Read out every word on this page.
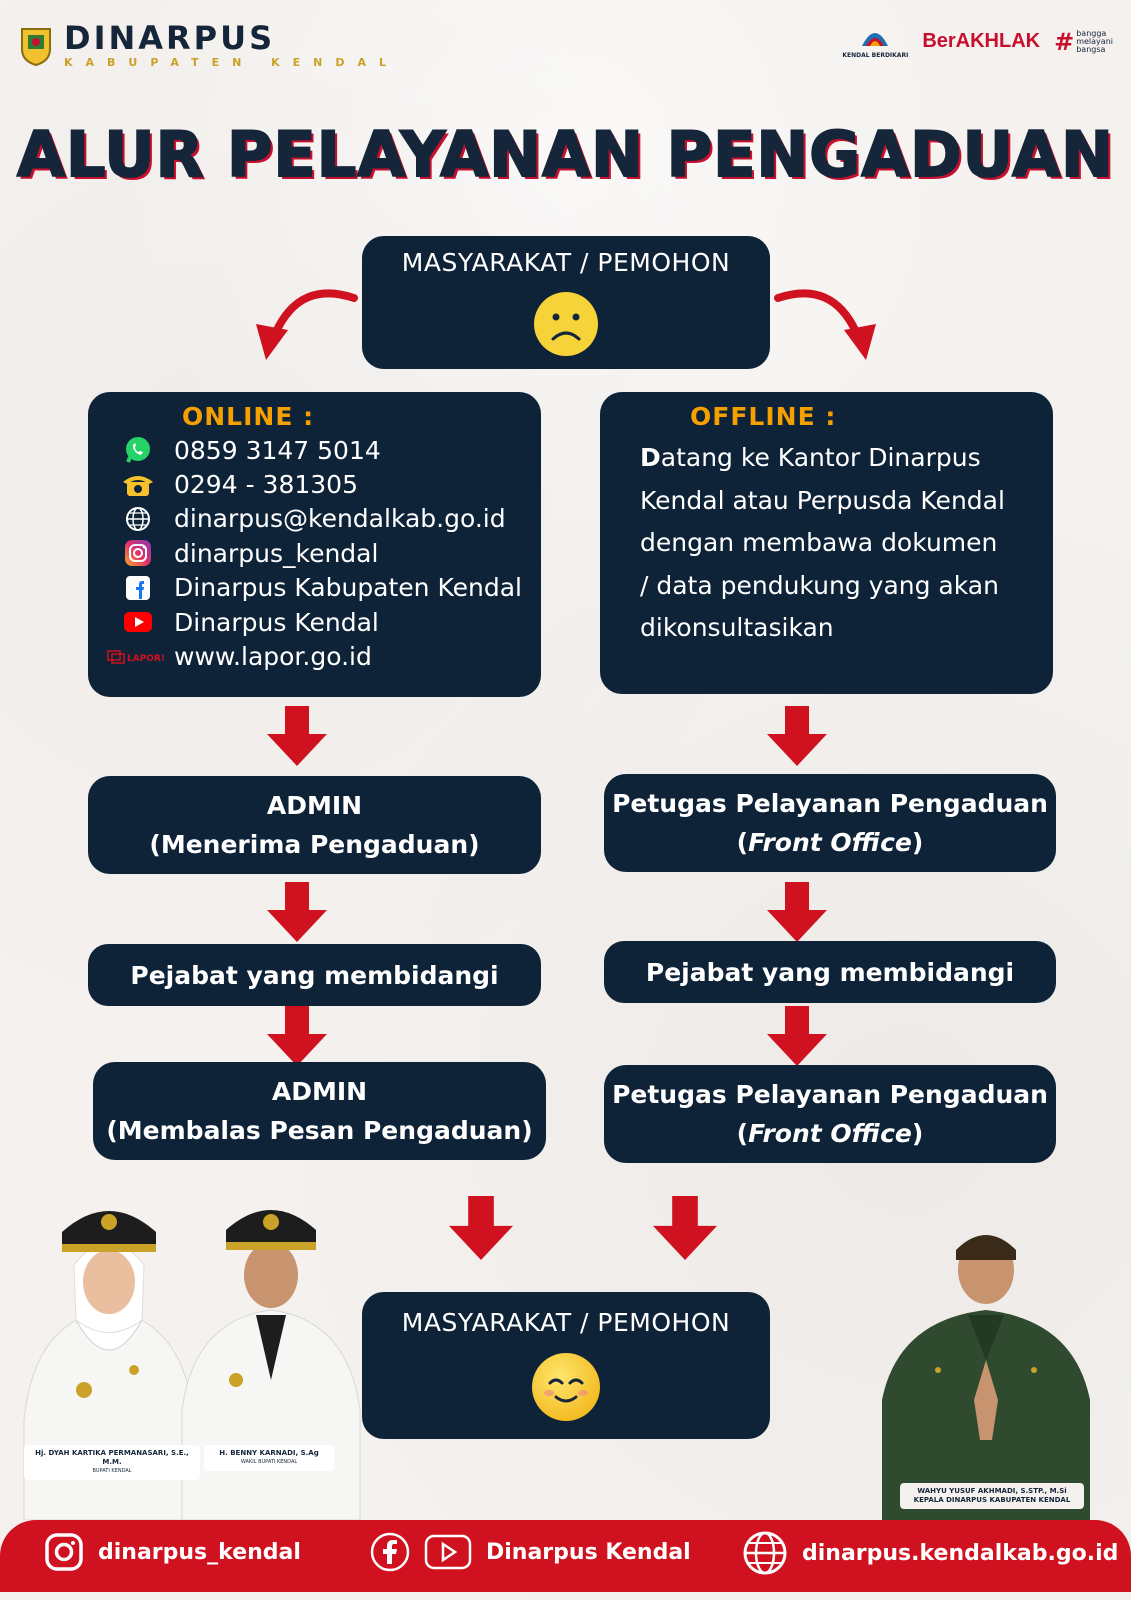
DINARPUS
KABUPATEN KENDAL
KENDAL BERDIKARI
BerAKHLAK # bangga
melayani
bangsa
ALUR PELAYANAN PENGADUAN
MASYARAKAT / PEMOHON
ONLINE :
0859 3147 5014
0294 - 381305
dinarpus@kendalkab.go.id
dinarpus_kendal
Dinarpus Kabupaten Kendal
Dinarpus Kendal
LAPOR! www.lapor.go.id
OFFLINE :
Datang ke Kantor Dinarpus Kendal atau Perpusda Kendal dengan membawa dokumen / data pendukung yang akan dikonsultasikan
ADMIN
(Menerima Pengaduan)
Petugas Pelayanan Pengaduan
(Front Office)
Pejabat yang membidangi	Pejabat yang membidangi
ADMIN
(Membalas Pesan Pengaduan)
Petugas Pelayanan Pengaduan
(Front Office)
MASYARAKAT / PEMOHON
Hj. DYAH KARTIKA PERMANASARI, S.E., M.M.
BUPATI KENDAL
H. BENNY KARNADI, S.Ag
WAKIL BUPATI KENDAL
WAHYU YUSUF AKHMADI, S.STP., M.Si
KEPALA DINARPUS KABUPATEN KENDAL
dinarpus_kendal	Dinarpus Kendal	dinarpus.kendalkab.go.id
